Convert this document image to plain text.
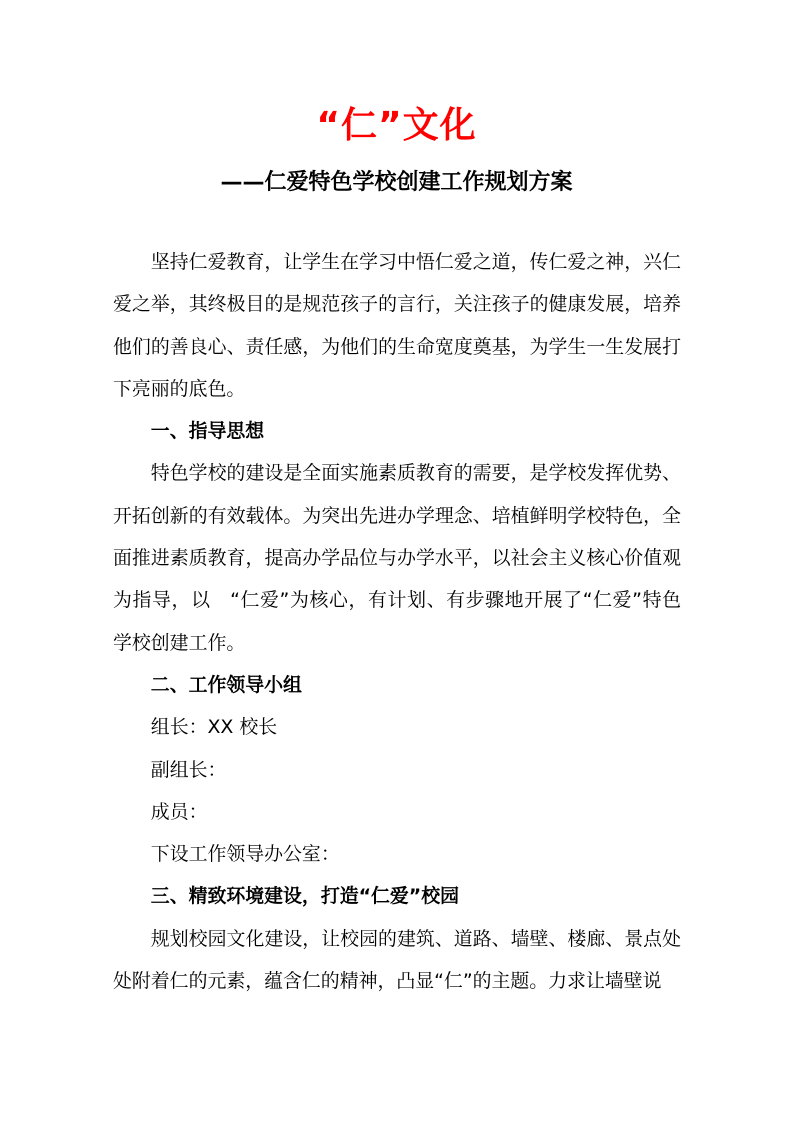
“仁”文化
——仁爱特色学校创建工作规划方案

坚持仁爱教育，让学生在学习中悟仁爱之道，传仁爱之神，兴仁爱之举，其终极目的是规范孩子的言行，关注孩子的健康发展，培养他们的善良心、责任感，为他们的生命宽度奠基，为学生一生发展打下亮丽的底色。

一、指导思想

特色学校的建设是全面实施素质教育的需要，是学校发挥优势、开拓创新的有效载体。为突出先进办学理念、培植鲜明学校特色，全面推进素质教育，提高办学品位与办学水平，以社会主义核心价值观为指导，以　“仁爱”为核心，有计划、有步骤地开展了“仁爱”特色学校创建工作。

二、工作领导小组

组长：XX 校长

副组长：

成员：

下设工作领导办公室：

三、精致环境建设，打造“仁爱”校园

规划校园文化建设，让校园的建筑、道路、墙壁、楼廊、景点处处附着仁的元素，蕴含仁的精神，凸显“仁”的主题。力求让墙壁说
